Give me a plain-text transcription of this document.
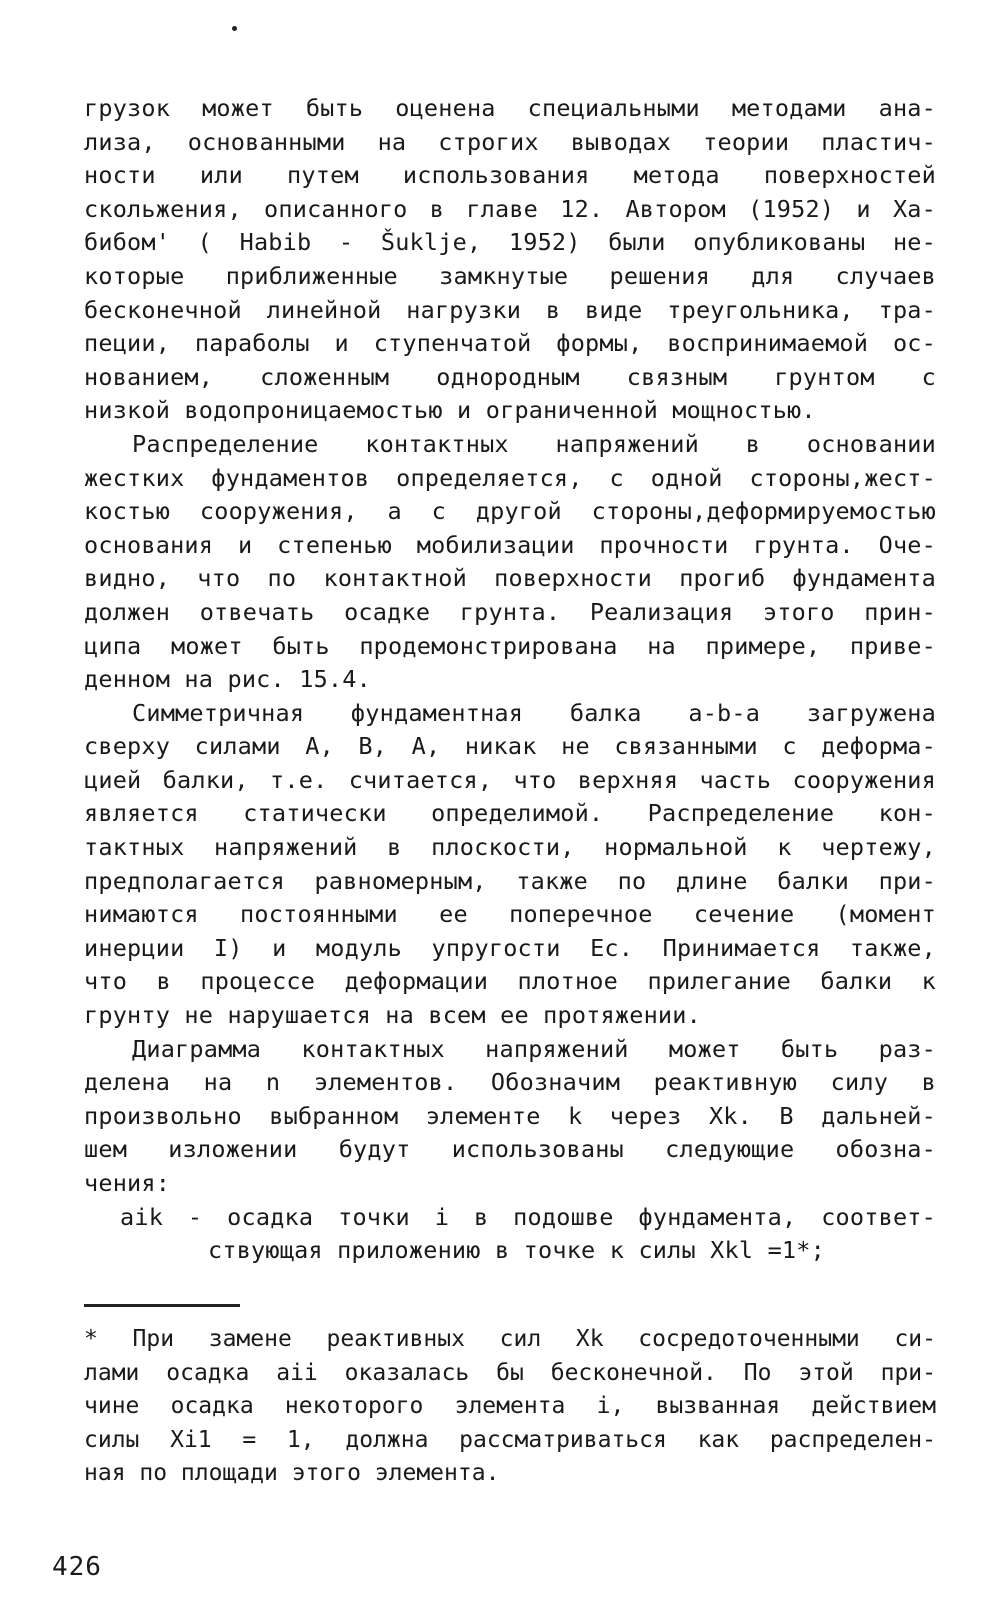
грузок может быть оценена специальными методами ана-
лиза, основанными на строгих выводах теории пластич-
ности или путем использования метода поверхностей
скольжения, описанного в главе 12. Автором (1952) и Ха-
бибом' ( Habib - Šuklje, 1952) были опубликованы не-
которые приближенные замкнутые решения для случаев
бесконечной линейной нагрузки в виде треугольника, тра-
пеции, параболы и ступенчатой формы, воспринимаемой ос-
нованием, сложенным однородным связным грунтом с
низкой водопроницаемостью и ограниченной мощностью.
Распределение контактных напряжений в основании
жестких фундаментов определяется, с одной стороны,жест-
костью сооружения, а с другой стороны,деформируемостью
основания и степенью мобилизации прочности грунта. Оче-
видно, что по контактной поверхности прогиб фундамента
должен отвечать осадке грунта. Реализация этого прин-
ципа может быть продемонстрирована на примере, приве-
денном на рис. 15.4.
Симметричная фундаментная балка a-b-a загружена
сверху силами A, B, A, никак не связанными с деформа-
цией балки, т.е. считается, что верхняя часть сооружения
является статически определимой. Распределение кон-
тактных напряжений в плоскости, нормальной к чертежу,
предполагается равномерным, также по длине балки при-
нимаются постоянными ее поперечное сечение (момент
инерции I) и модуль упругости Ec. Принимается также,
что в процессе деформации плотное прилегание балки к
грунту не нарушается на всем ее протяжении.
Диаграмма контактных напряжений может быть раз-
делена на n элементов. Обозначим реактивную силу в
произвольно выбранном элементе k через Xk. В дальней-
шем изложении будут использованы следующие обозна-
чения:
aik - осадка точки i в подошве фундамента, соответ-
ствующая приложению в точке к силы Xkl =1*;
* При замене реактивных сил Xk сосредоточенными си-
лами осадка aii оказалась бы бесконечной. По этой при-
чине осадка некоторого элемента i, вызванная действием
силы Xi1 = 1, должна рассматриваться как распределен-
ная по площади этого элемента.
426
